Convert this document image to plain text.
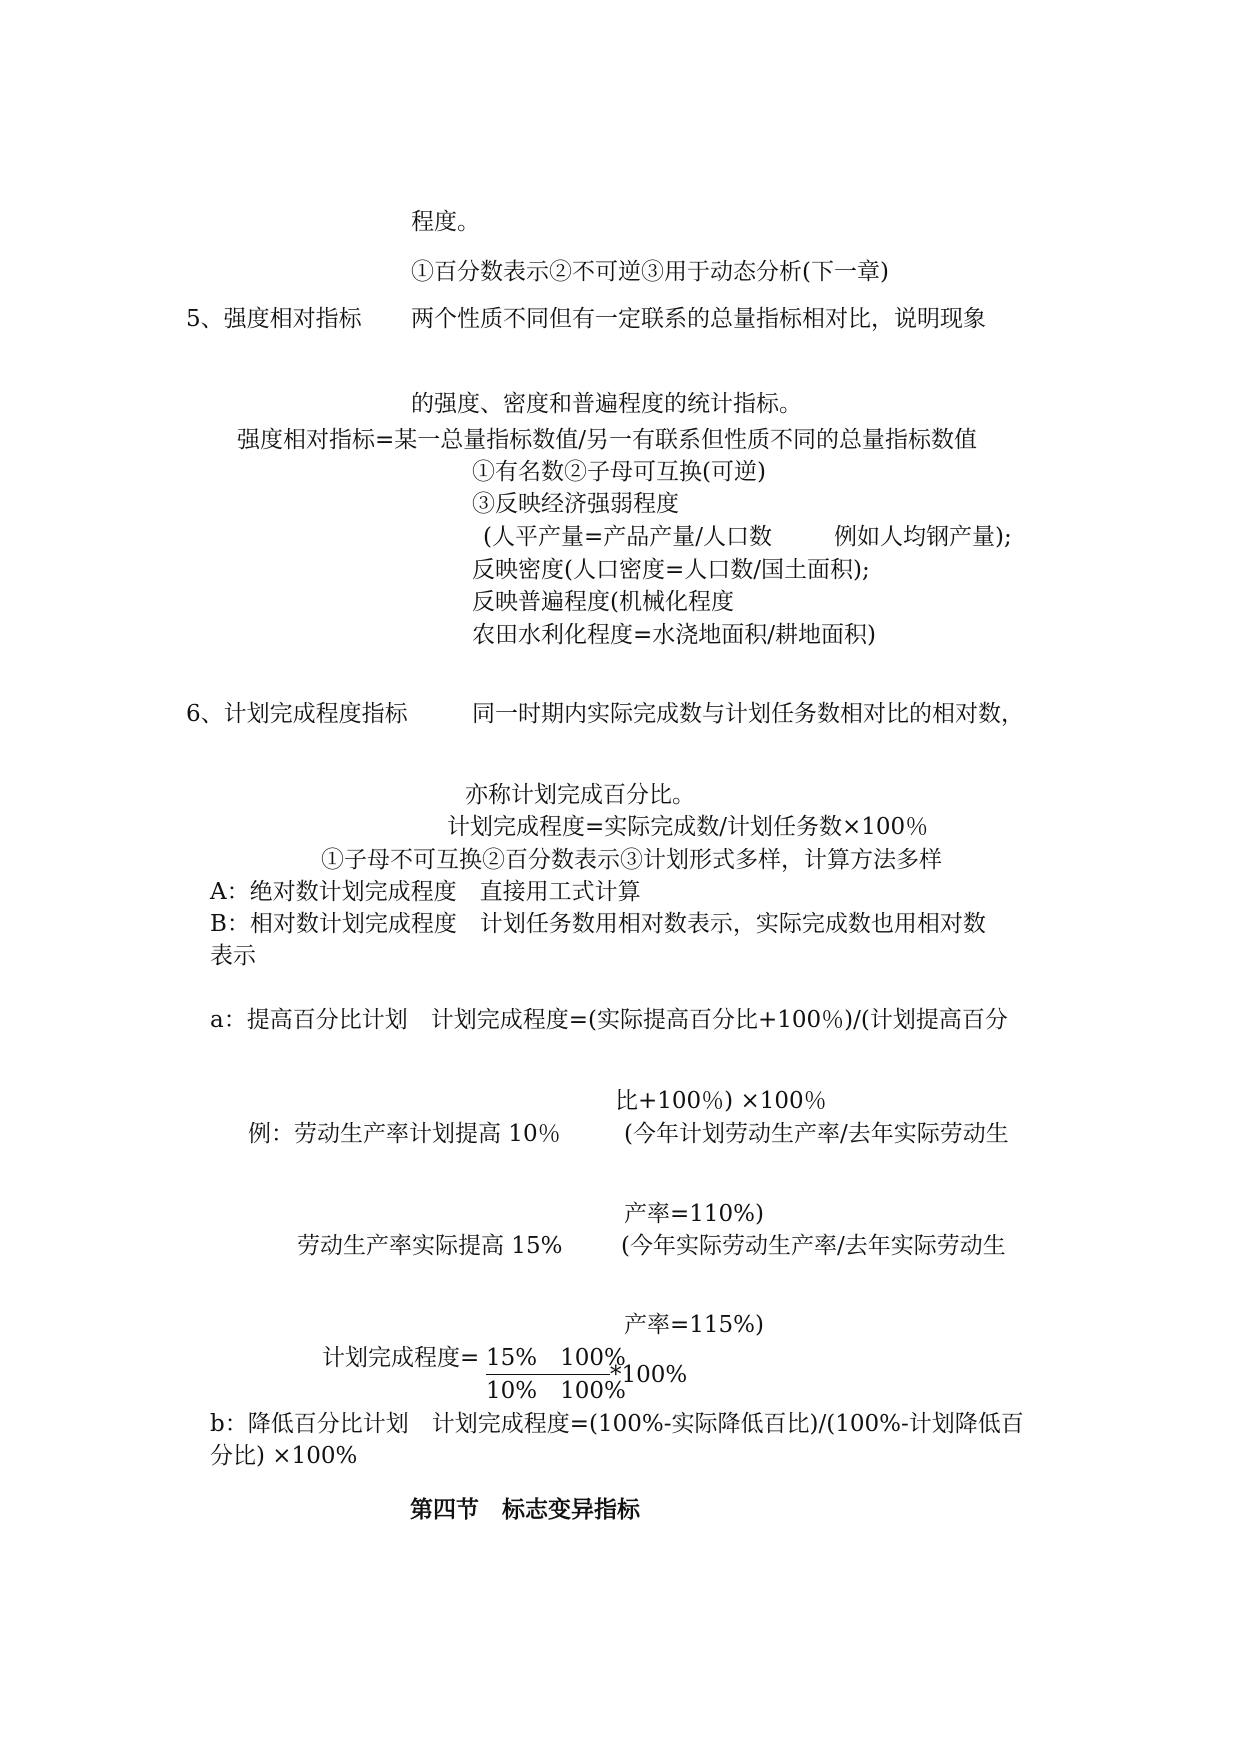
程度。
①百分数表示②不可逆③用于动态分析(下一章)
5、强度相对指标 两个性质不同但有一定联系的总量指标相对比，说明现象
的强度、密度和普遍程度的统计指标。
强度相对指标=某一总量指标数值/另一有联系但性质不同的总量指标数值
①有名数②子母可互换(可逆)
③反映经济强弱程度
(人平产量=产品产量/人口数	例如人均钢产量);
反映密度(人口密度=人口数/国土面积);
反映普遍程度(机械化程度
农田水利化程度=水浇地面积/耕地面积)
6、计划完成程度指标	同一时期内实际完成数与计划任务数相对比的相对数，
亦称计划完成百分比。
计划完成程度=实际完成数/计划任务数×100％
①子母不可互换②百分数表示③计划形式多样，计算方法多样
A：绝对数计划完成程度　直接用工式计算
B：相对数计划完成程度　计划任务数用相对数表示，实际完成数也用相对数
表示
a：提高百分比计划　计划完成程度=(实际提高百分比+100％)/(计划提高百分
比+100％) ×100％
例：劳动生产率计划提高 10％	(今年计划劳动生产率/去年实际劳动生
产率=110%)
劳动生产率实际提高 15%	(今年实际劳动生产率/去年实际劳动生
产率=115%)
计划完成程度= 15%　100%
10%　100%
*100%
b：降低百分比计划　计划完成程度=(100%-实际降低百比)/(100%-计划降低百
分比) ×100%
第四节　标志变异指标
